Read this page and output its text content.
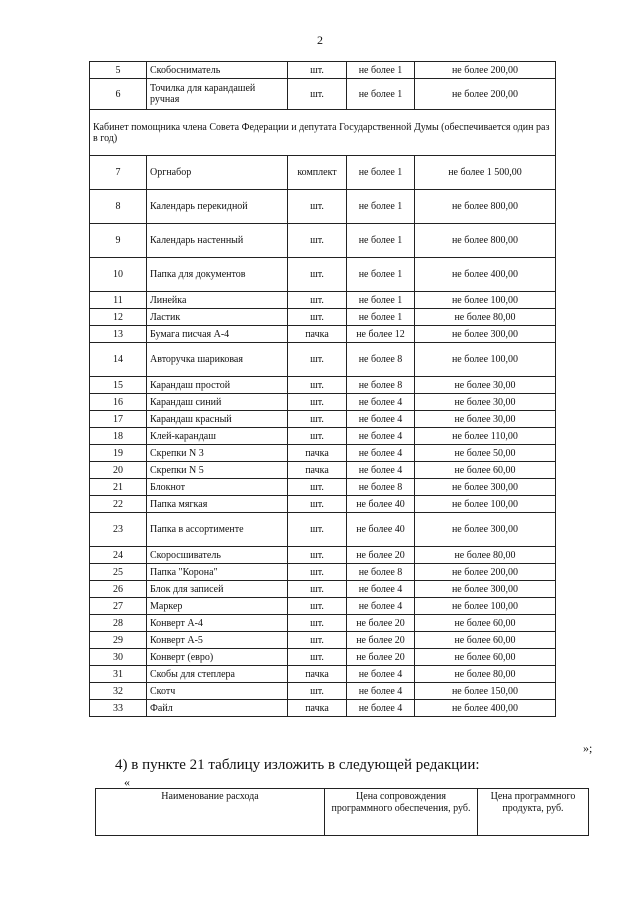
2
5	Скобосниматель	шт.	не более 1	не более 200,00
6	Точилка для карандашей ручная	шт.	не более 1	не более 200,00
Кабинет помощника члена Совета Федерации и депутата Государственной Думы (обеспечивается один раз в год)				
7	Оргнабор	комплект	не более 1	не более 1 500,00
8	Календарь перекидной	шт.	не более 1	не более 800,00
9	Календарь настенный	шт.	не более 1	не более 800,00
10	Папка для документов	шт.	не более 1	не более 400,00
11	Линейка	шт.	не более 1	не более 100,00
12	Ластик	шт.	не более 1	не более 80,00
13	Бумага писчая А-4	пачка	не более 12	не более 300,00
14	Авторучка шариковая	шт.	не более 8	не более 100,00
15	Карандаш простой	шт.	не более 8	не более 30,00
16	Карандаш синий	шт.	не более 4	не более 30,00
17	Карандаш красный	шт.	не более 4	не более 30,00
18	Клей-карандаш	шт.	не более 4	не более 110,00
19	Скрепки N 3	пачка	не более 4	не более 50,00
20	Скрепки N 5	пачка	не более 4	не более 60,00
21	Блокнот	шт.	не более 8	не более 300,00
22	Папка мягкая	шт.	не более 40	не более 100,00
23	Папка в ассортименте	шт.	не более 40	не более 300,00
24	Скоросшиватель	шт.	не более 20	не более 80,00
25	Папка "Корона"	шт.	не более 8	не более 200,00
26	Блок для записей	шт.	не более 4	не более 300,00
27	Маркер	шт.	не более 4	не более 100,00
28	Конверт А-4	шт.	не более 20	не более 60,00
29	Конверт А-5	шт.	не более 20	не более 60,00
30	Конверт (евро)	шт.	не более 20	не более 60,00
31	Скобы для степлера	пачка	не более 4	не более 80,00
32	Скотч	шт.	не более 4	не более 150,00
33	Файл	пачка	не более 4	не более 400,00
»;
4) в пункте 21 таблицу изложить в следующей редакции:
«
Наименование расхода	Цена сопровождения программного обеспечения, руб.	Цена программного продукта, руб.
